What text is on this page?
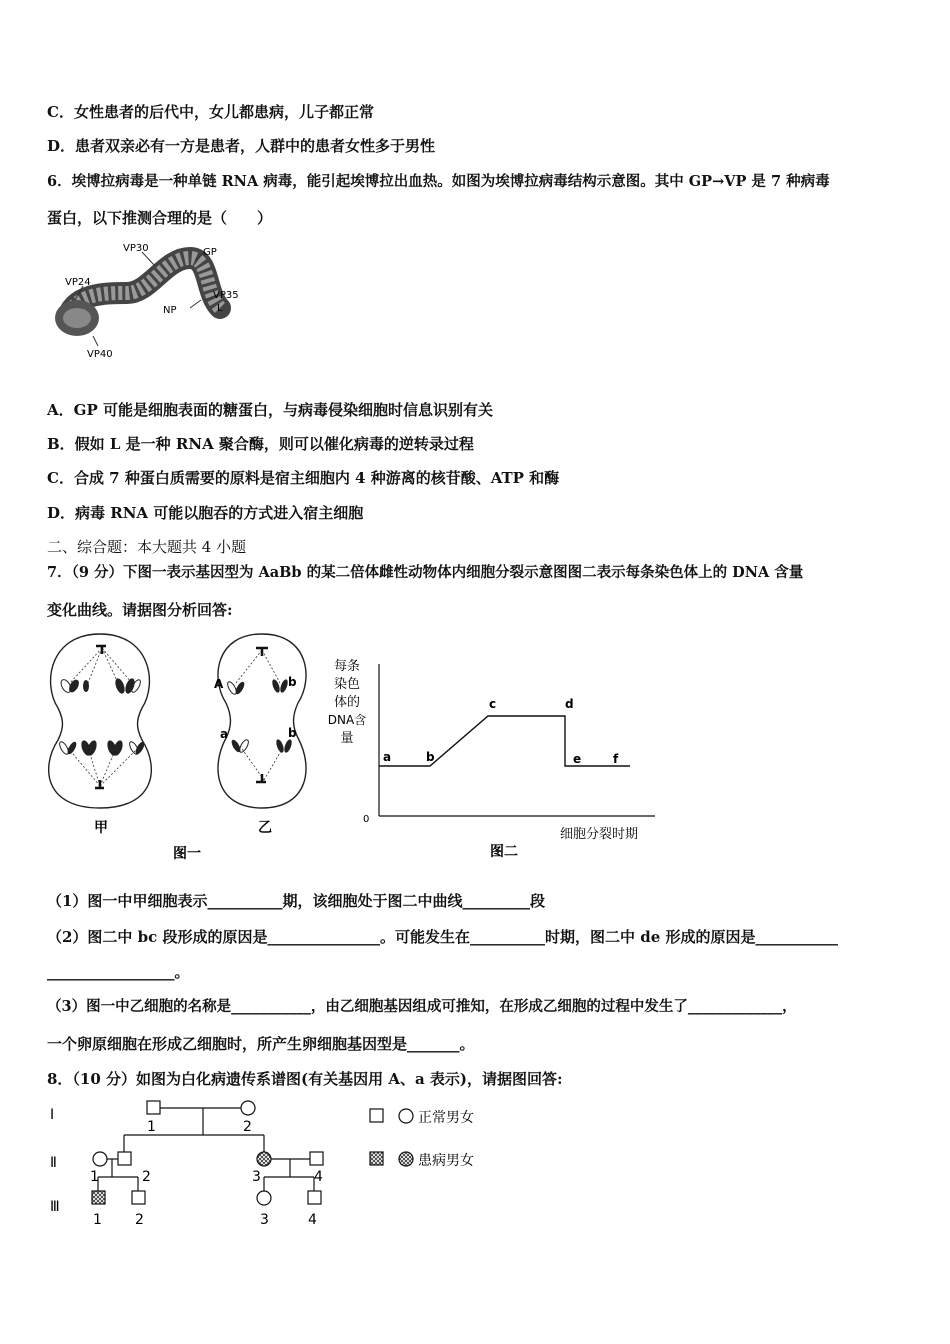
C．女性患者的后代中，女儿都患病，儿子都正常
D．患者双亲必有一方是患者，人群中的患者女性多于男性
6．埃博拉病毒是一种单链 RNA 病毒，能引起埃博拉出血热。如图为埃博拉病毒结构示意图。其中 GP→VP 是 7 种病毒
蛋白，以下推测合理的是（　　）
VP30	GP
VP24
VP35
NP	L
VP40
A．GP 可能是细胞表面的糖蛋白，与病毒侵染细胞时信息识别有关
B．假如 L 是一种 RNA 聚合酶，则可以催化病毒的逆转录过程
C．合成 7 种蛋白质需要的原料是宿主细胞内 4 种游离的核苷酸、ATP 和酶
D．病毒 RNA 可能以胞吞的方式进入宿主细胞
二、综合题：本大题共 4 小题
7．（9 分）下图一表示基因型为 AaBb 的某二倍体雌性动物体内细胞分裂示意图图二表示每条染色体上的 DNA 含量
变化曲线。请据图分析回答:
甲
图一
A	b
a	b
乙
每条
染色
体的
DNA含
量
0
a	b
c	d
e	f
细胞分裂时期
图二
（1）图一中甲细胞表示__________期，该细胞处于图二中曲线_________段
（2）图二中 bc 段形成的原因是_______________。可能发生在__________时期，图二中 de 形成的原因是___________
_________________。
（3）图一中乙细胞的名称是___________，由乙细胞基因组成可推知，在形成乙细胞的过程中发生了_____________，
一个卵原细胞在形成乙细胞时，所产生卵细胞基因型是_______。
8．（10 分）如图为白化病遗传系谱图(有关基因用 A、a 表示)，请据图回答:
Ⅰ
Ⅱ
Ⅲ
1	2
1	2	3	4
1 2	3	4
正常男女
患病男女
